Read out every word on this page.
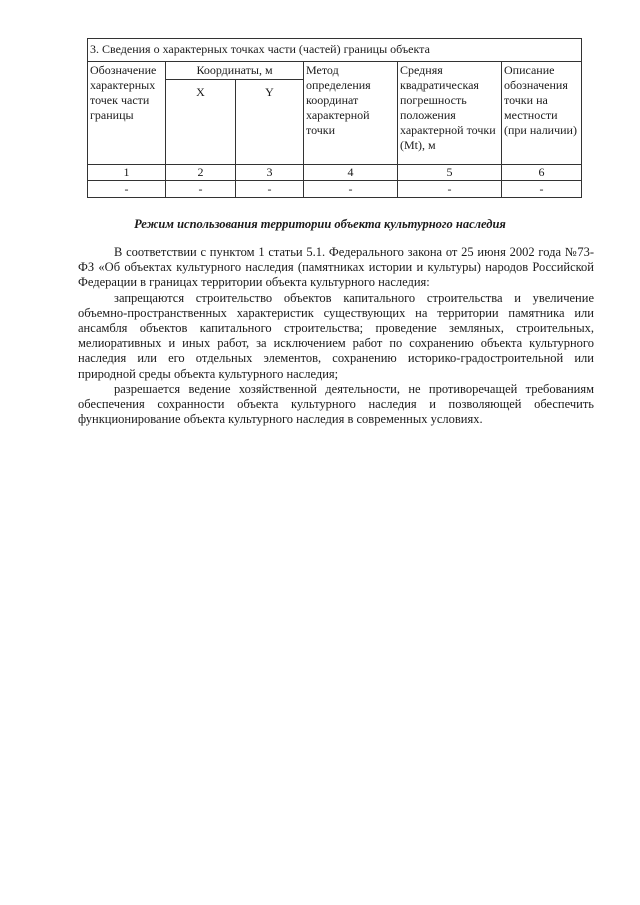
3. Сведения о характерных точках части (частей) границы объекта					
Обозначение характерных точек части границы	Координаты, м		Метод определения координат характерной точки	Средняя квадратическая погрешность положения характерной точки (Mt), м	Описание обозначения точки на местности (при наличии)
	X	Y			
1	2	3	4	5	6
-	-	-	-	-	-
Режим использования территории объекта культурного наследия

В соответствии с пунктом 1 статьи 5.1. Федерального закона от 25 июня 2002 года №73-ФЗ «Об объектах культурного наследия (памятниках истории и культуры) народов Российской Федерации в границах территории объекта культурного наследия:

запрещаются строительство объектов капитального строительства и увеличение объемно-пространственных характеристик существующих на территории памятника или ансамбля объектов капитального строительства; проведение земляных, строительных, мелиоративных и иных работ, за исключением работ по сохранению объекта культурного наследия или его отдельных элементов, сохранению историко-градостроительной или природной среды объекта культурного наследия;

разрешается ведение хозяйственной деятельности, не противоречащей требованиям обеспечения сохранности объекта культурного наследия и позволяющей обеспечить функционирование объекта культурного наследия в современных условиях.
